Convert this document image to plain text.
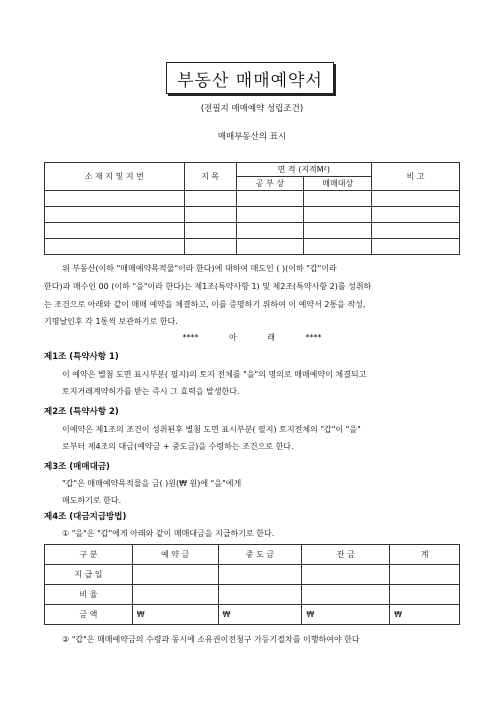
부동산 매매예약서
(전필지 매매예약 성립조건)
매매부동산의 표시
소 재 지 및 지 번	지 목	면 적 (지적M²)		비 고
		공 부 상	매매대상	

위 부동산(이하 "매매예약목적물"이라 한다)에 대하여 매도인 ( )(이하 "갑"이라
한다)과 매수인 00 (이하 "을"이라 한다)는 제1조(특약사항 1) 및 제2조(특약사항 2)를 성취하
는 조건으로 아래와 같이 매매 예약을 체결하고, 이를 증명하기 위하여 이 예약서 2통을 작성,
기명날인후 각 1통씩 보관하기로 한다.
**** 아 래 ****
제1조 (특약사항 1)
이 예약은 별첨 도면 표시부분( 필지)의 토지 전체를 "을"의 명의로 매매예약이 체결되고
토지거래계약허가를 받는 즉시 그 효력을 발생한다.
제2조 (특약사항 2)
이예약은 제1조의 조건이 성취된후 별첨 도면 표시부분( 필지) 토지전체의 "갑"이 "을"
로부터 제4조의 대금(예약금 + 중도금)을 수령하는 조건으로 한다.
제3조 (매매대금)
"갑"은 매매예약목적물을 금( )원(₩ 원)에 "을"에게
매도하기로 한다.
제4조 (대금지급방법)
① "을"은 "갑"에게 아래와 같이 매매대금을 지급하기로 한다.
구 분	예 약 금	중 도 금	잔 금	계
지 급 일				
비 율				
금 액	₩	₩	₩	₩
② "갑"은 매매예약금의 수령과 동시에 소유권이전청구 가등기절차를 이행하여야 한다
